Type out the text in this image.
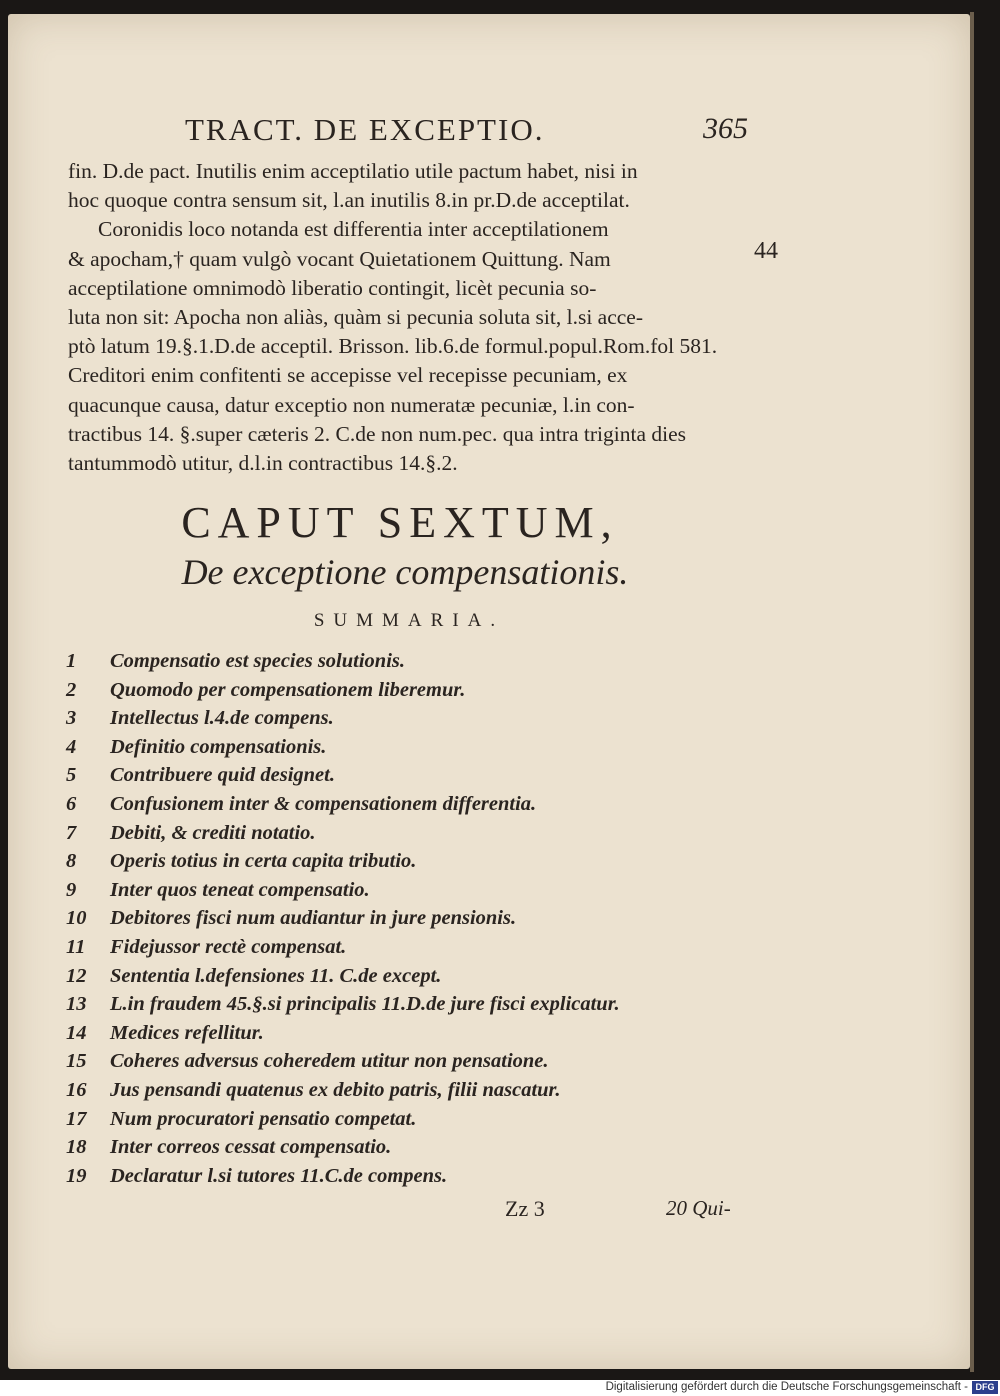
TRACT. DE EXCEPTIO.	365
fin. D.de pact. Inutilis enim acceptilatio utile pactum habet, nisi in
hoc quoque contra sensum sit, l.an inutilis 8.in pr.D.de acceptilat.
Coronidis loco notanda est differentia inter acceptilationem
& apocham,† quam vulgò vocant Quietationem Quittung. Nam
acceptilatione omnimodò liberatio contingit, licèt pecunia so-
luta non sit: Apocha non aliàs, quàm si pecunia soluta sit, l.si acce-
ptò latum 19.§.1.D.de acceptil. Brisson. lib.6.de formul.popul.Rom.fol 581.
Creditori enim confitenti se accepisse vel recepisse pecuniam, ex
quacunque causa, datur exceptio non numeratæ pecuniæ, l.in con-
tractibus 14. §.super cæteris 2. C.de non num.pec. qua intra triginta dies
tantummodò utitur, d.l.in contractibus 14.§.2.
44
CAPUT SEXTUM,
De exceptione compensationis.
SUMMARIA.
1	Compensatio est species solutionis.
2	Quomodo per compensationem liberemur.
3	Intellectus l.4.de compens.
4	Definitio compensationis.
5	Contribuere quid designet.
6	Confusionem inter & compensationem differentia.
7	Debiti, & crediti notatio.
8	Operis totius in certa capita tributio.
9	Inter quos teneat compensatio.
10	Debitores fisci num audiantur in jure pensionis.
11	Fidejussor rectè compensat.
12	Sententia l.defensiones 11. C.de except.
13	L.in fraudem 45.§.si principalis 11.D.de jure fisci explicatur.
14	Medices refellitur.
15	Coheres adversus coheredem utitur non pensatione.
16	Jus pensandi quatenus ex debito patris, filii nascatur.
17	Num procuratori pensatio competat.
18	Inter correos cessat compensatio.
19	Declaratur l.si tutores 11.C.de compens.
Zz 3	20 Qui-
Digitalisierung gefördert durch die Deutsche Forschungsgemeinschaft - DFG
